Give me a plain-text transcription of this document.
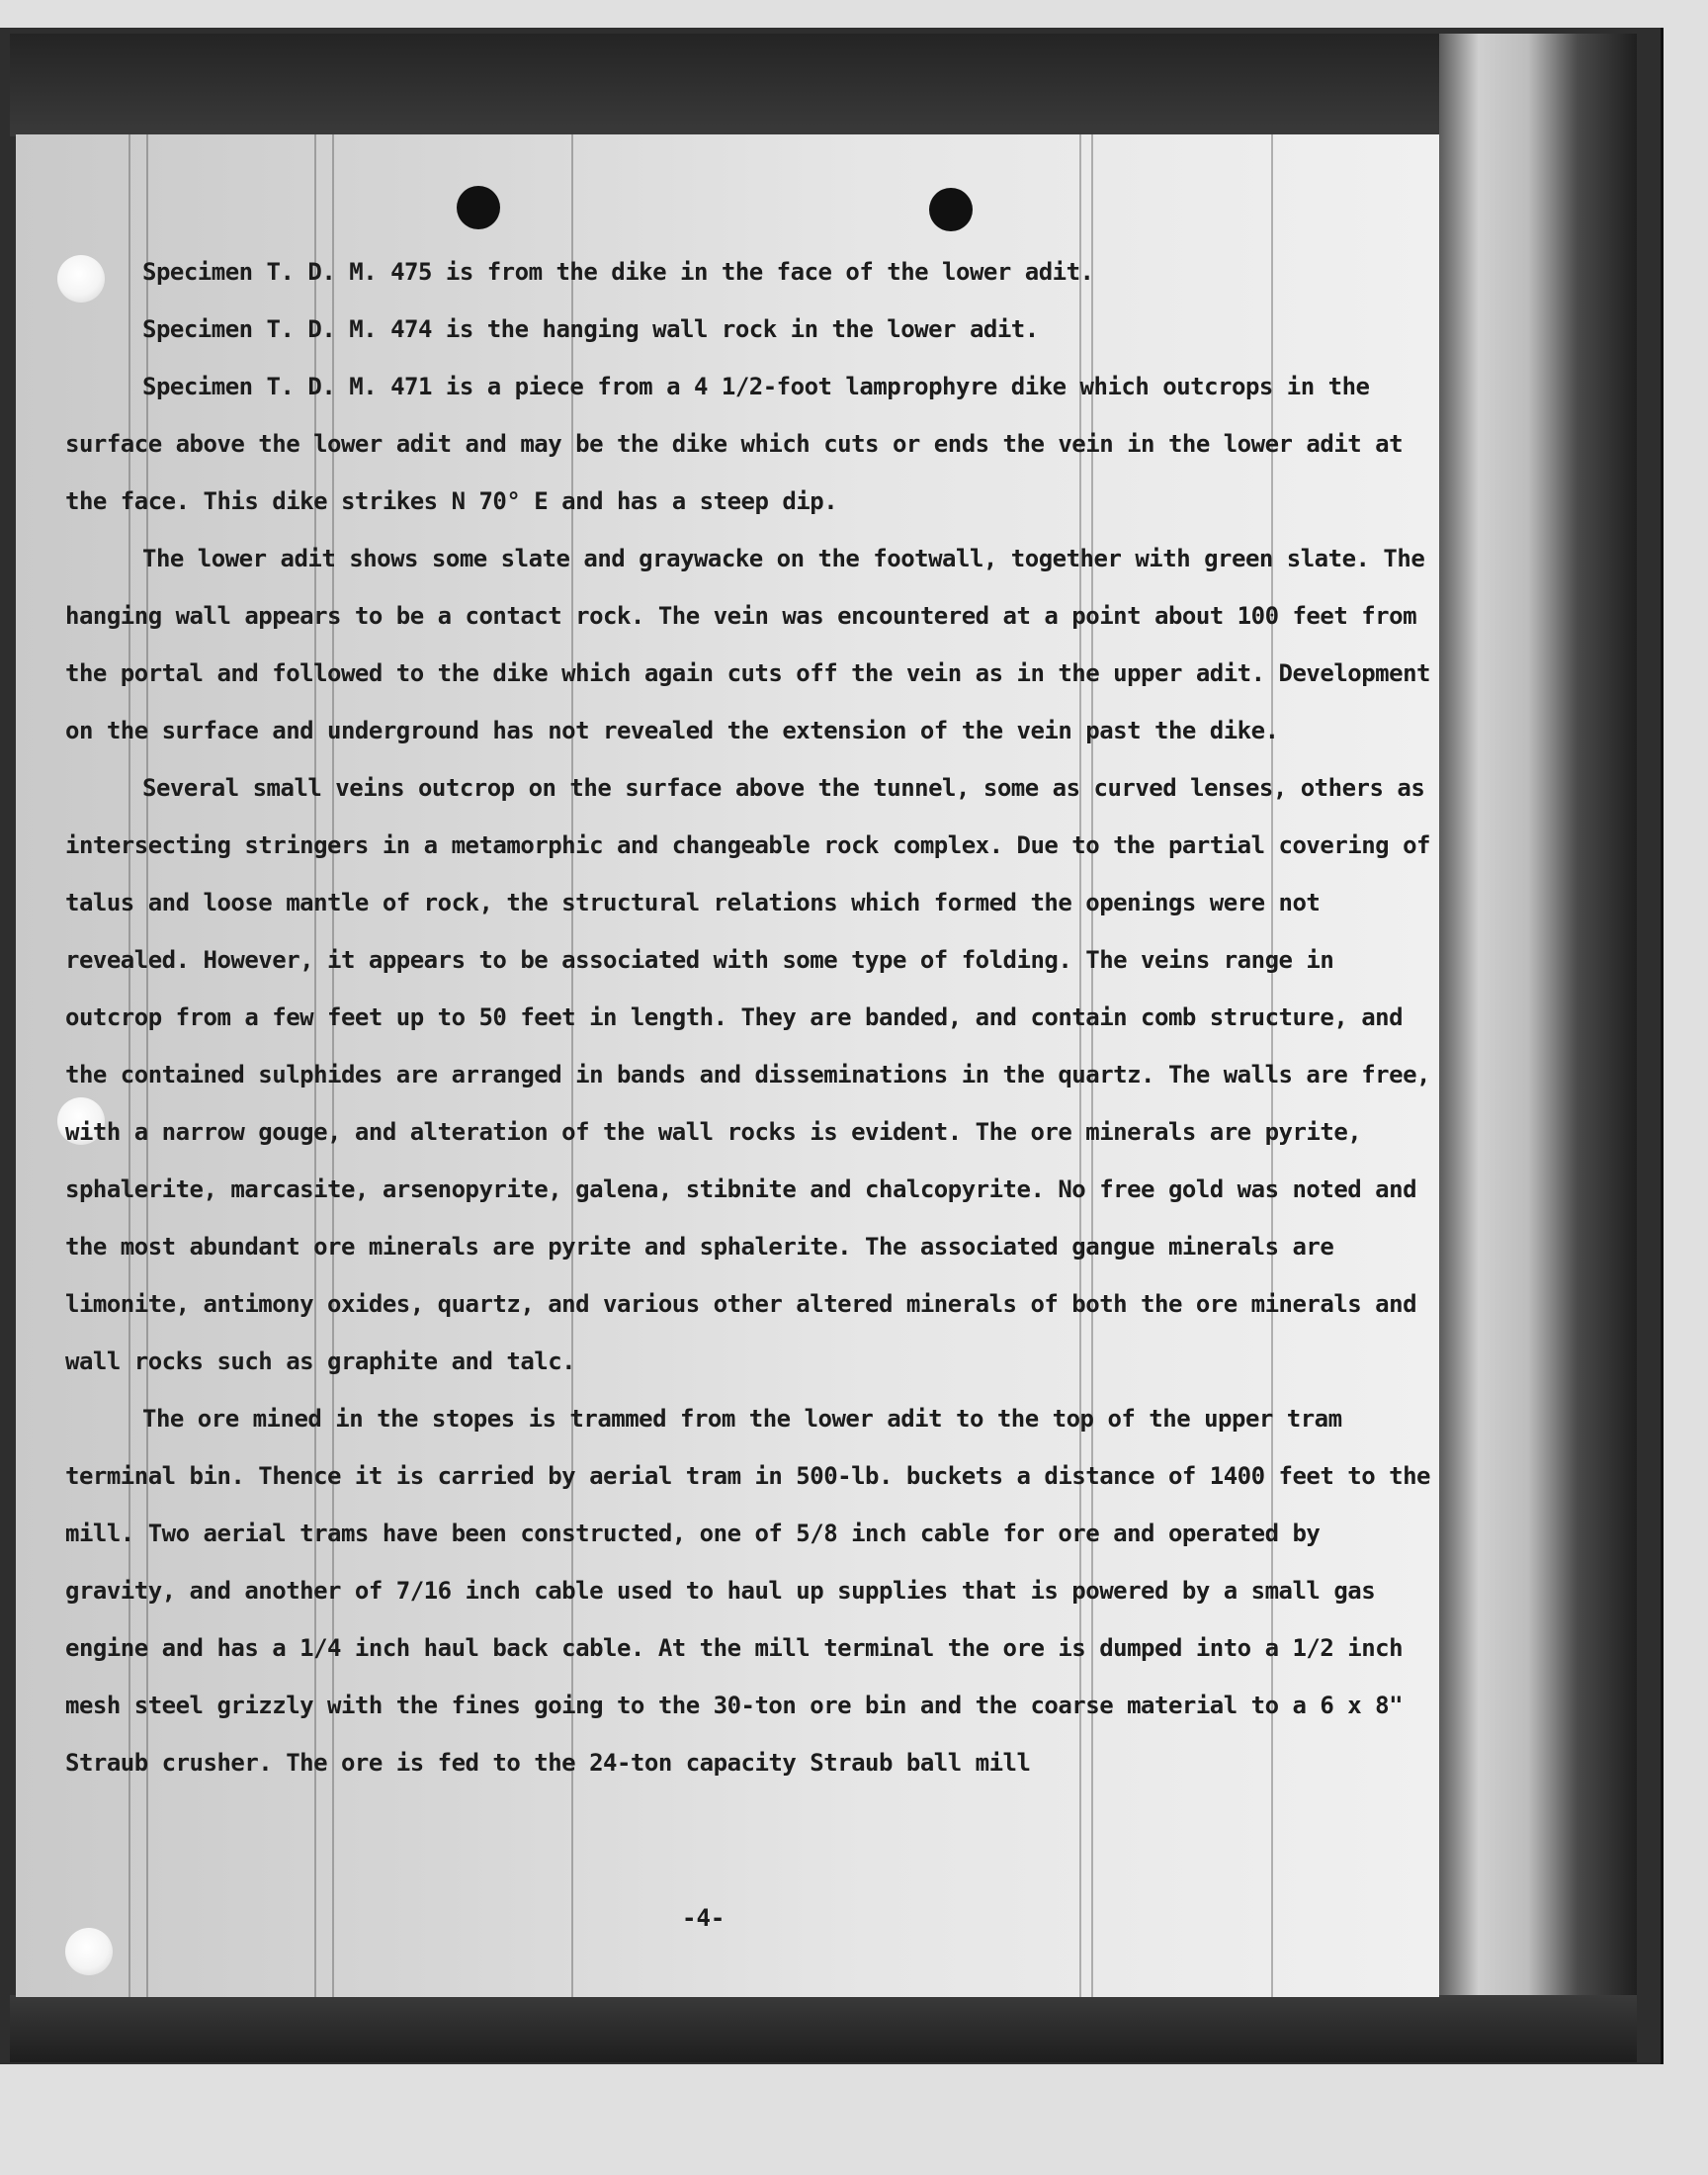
Specimen T. D. M. 475 is from the dike in the face of the lower adit.

Specimen T. D. M. 474 is the hanging wall rock in the lower adit.

Specimen T. D. M. 471 is a piece from a 4 1/2-foot lamprophyre dike which outcrops in the surface above the lower adit and may be the dike which cuts or ends the vein in the lower adit at the face. This dike strikes N 70° E and has a steep dip.

The lower adit shows some slate and graywacke on the footwall, together with green slate. The hanging wall appears to be a contact rock. The vein was encountered at a point about 100 feet from the portal and followed to the dike which again cuts off the vein as in the upper adit. Development on the surface and underground has not revealed the extension of the vein past the dike.

Several small veins outcrop on the surface above the tunnel, some as curved lenses, others as intersecting stringers in a metamorphic and changeable rock complex. Due to the partial covering of talus and loose mantle of rock, the structural relations which formed the openings were not revealed. However, it appears to be associated with some type of folding. The veins range in outcrop from a few feet up to 50 feet in length. They are banded, and contain comb structure, and the contained sulphides are arranged in bands and disseminations in the quartz. The walls are free, with a narrow gouge, and alteration of the wall rocks is evident. The ore minerals are pyrite, sphalerite, marcasite, arsenopyrite, galena, stibnite and chalcopyrite. No free gold was noted and the most abundant ore minerals are pyrite and sphalerite. The associated gangue minerals are limonite, antimony oxides, quartz, and various other altered minerals of both the ore minerals and wall rocks such as graphite and talc.

The ore mined in the stopes is trammed from the lower adit to the top of the upper tram terminal bin. Thence it is carried by aerial tram in 500-lb. buckets a distance of 1400 feet to the mill. Two aerial trams have been constructed, one of 5/8 inch cable for ore and operated by gravity, and another of 7/16 inch cable used to haul up supplies that is powered by a small gas engine and has a 1/4 inch haul back cable. At the mill terminal the ore is dumped into a 1/2 inch mesh steel grizzly with the fines going to the 30-ton ore bin and the coarse material to a 6 x 8" Straub crusher. The ore is fed to the 24-ton capacity Straub ball mill

-4-
